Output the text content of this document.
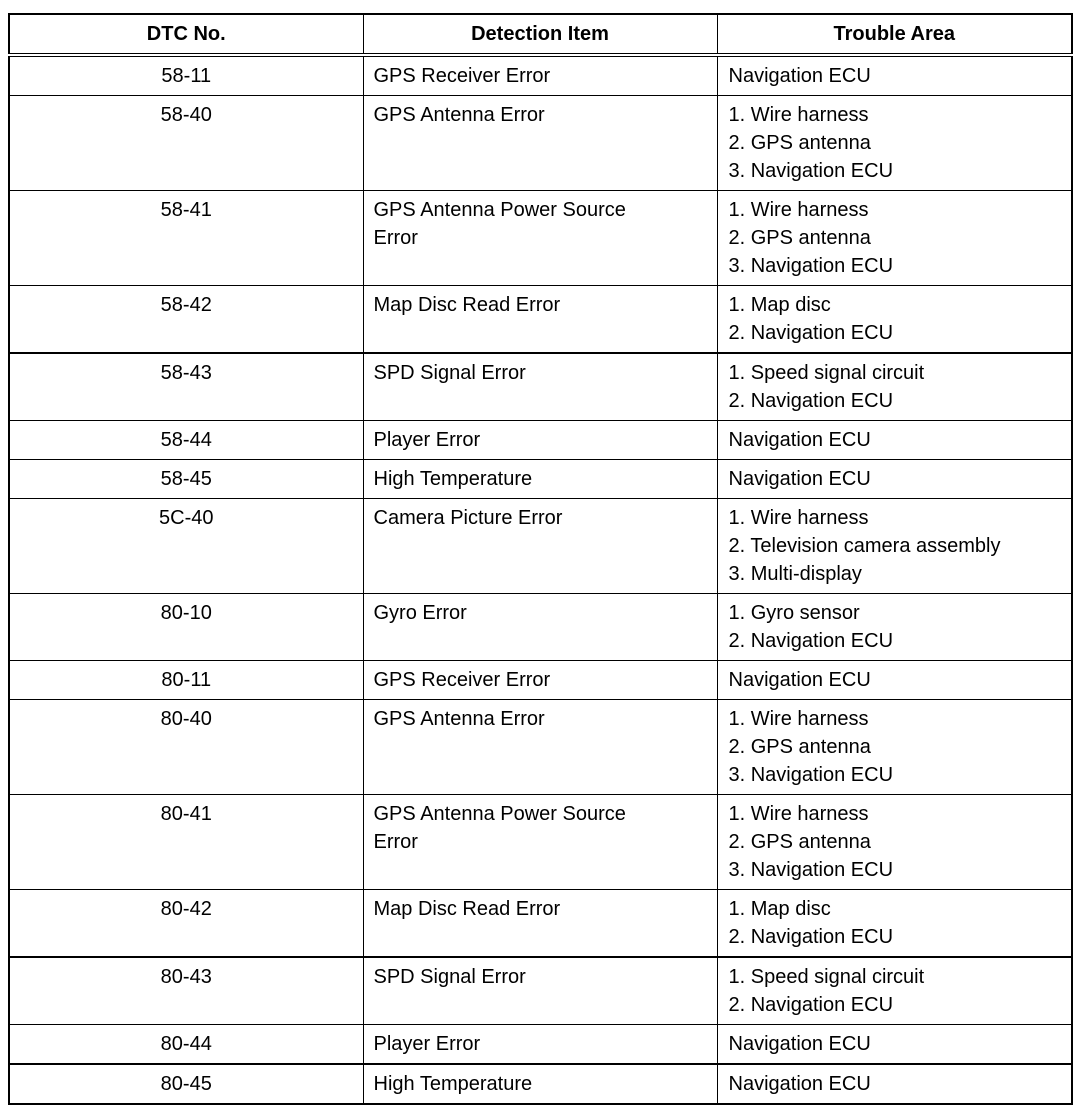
DTC No.	Detection Item	Trouble Area
58-11	GPS Receiver Error	Navigation ECU

58-40	GPS Antenna Error	1. Wire harness
2. GPS antenna
3. Navigation ECU

58-41	GPS Antenna Power Source
Error	1. Wire harness
2. GPS antenna
3. Navigation ECU

58-42	Map Disc Read Error	1. Map disc
2. Navigation ECU

58-43	SPD Signal Error	1. Speed signal circuit
2. Navigation ECU

58-44	Player Error	Navigation ECU

58-45	High Temperature	Navigation ECU

5C-40	Camera Picture Error	1. Wire harness
2. Television camera assembly
3. Multi-display

80-10	Gyro Error	1. Gyro sensor
2. Navigation ECU

80-11	GPS Receiver Error	Navigation ECU

80-40	GPS Antenna Error	1. Wire harness
2. GPS antenna
3. Navigation ECU

80-41	GPS Antenna Power Source
Error	1. Wire harness
2. GPS antenna
3. Navigation ECU

80-42	Map Disc Read Error	1. Map disc
2. Navigation ECU

80-43	SPD Signal Error	1. Speed signal circuit
2. Navigation ECU

80-44	Player Error	Navigation ECU

80-45	High Temperature	Navigation ECU
